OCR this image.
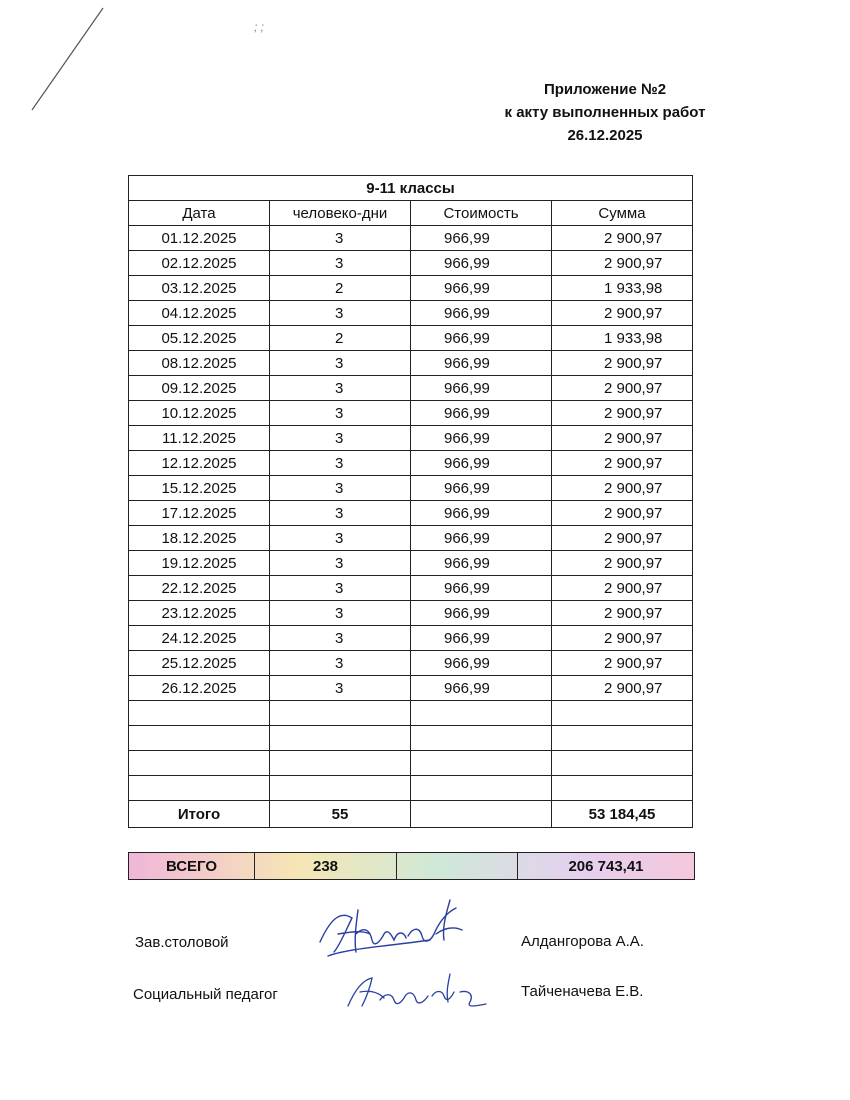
; ;
Приложение №2
к акту выполненных работ
26.12.2025
9-11 классы			
Дата	человеко-дни	Стоимость	Сумма
01.12.2025	3	966,99	2 900,97
02.12.2025	3	966,99	2 900,97
03.12.2025	2	966,99	1 933,98
04.12.2025	3	966,99	2 900,97
05.12.2025	2	966,99	1 933,98
08.12.2025	3	966,99	2 900,97
09.12.2025	3	966,99	2 900,97
10.12.2025	3	966,99	2 900,97
11.12.2025	3	966,99	2 900,97
12.12.2025	3	966,99	2 900,97
15.12.2025	3	966,99	2 900,97
17.12.2025	3	966,99	2 900,97
18.12.2025	3	966,99	2 900,97
19.12.2025	3	966,99	2 900,97
22.12.2025	3	966,99	2 900,97
23.12.2025	3	966,99	2 900,97
24.12.2025	3	966,99	2 900,97
25.12.2025	3	966,99	2 900,97
26.12.2025	3	966,99	2 900,97

Итого	55		53 184,45
ВСЕГО	238		206 743,41
Зав.столовой	Алдангорова А.А.
Социальный педагог	Тайченачева Е.В.
